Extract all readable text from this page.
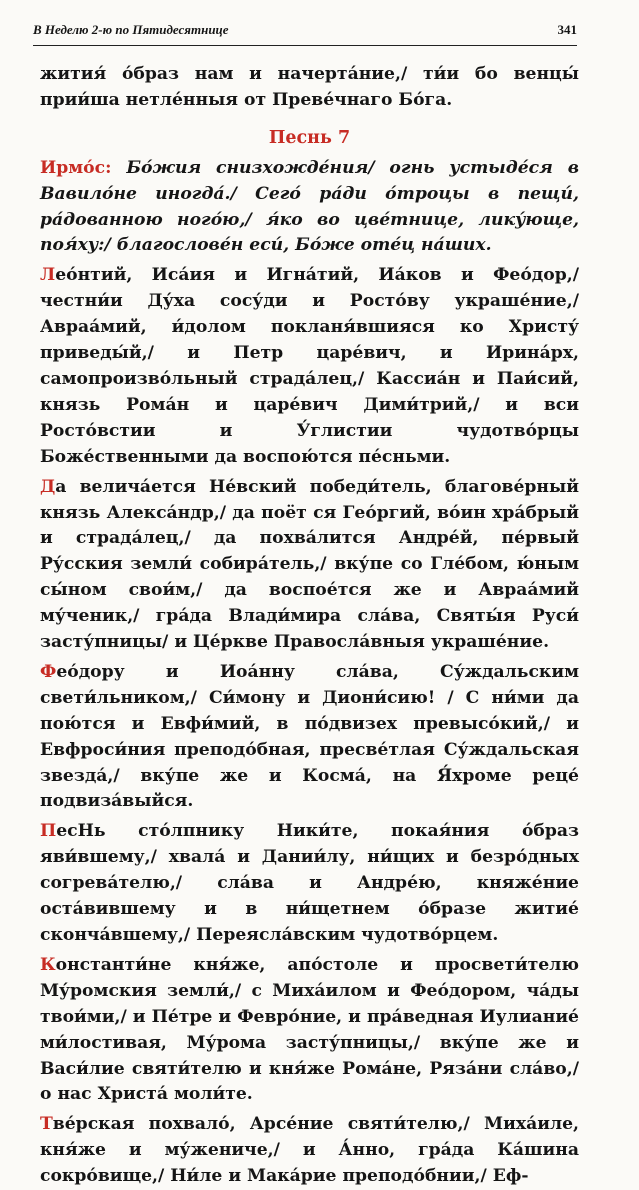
В Неделю 2-ю по Пятидесятнице	341

жития́ о́браз нам и начерта́ние,/ ти́и бо венцы́ прии́ша нетле́нныя от Преве́чнаго Бо́га.

Песнь 7

Ирмо́с: Бо́жия снизхожде́ния/ огнь устыде́ся в Вавило́не иногда́./ Сего́ ра́ди о́троцы в пещи́, ра́дованною ного́ю,/ я́ко во цве́тнице, лику́юще, поя́ху:/ благослове́н еси́, Бо́же оте́ц на́ших.

Лео́нтий, Иса́ия и Игна́тий, Иа́ков и Фео́дор,/ честни́и Ду́ха сосу́ди и Росто́ву украше́ние,/ Авраа́мий, и́долом покланя́вшияся ко Христу́ приведы́й,/ и Петр царе́вич, и Ирина́рх, самопроизво́льный страда́лец,/ Кассиа́н и Паи́сий, князь Рома́н и царе́вич Дими́трий,/ и вси Росто́встии и У́глистии чудотво́рцы Боже́ственными да воспою́тся пе́сньми.

Да велича́ется Не́вский победи́тель, благове́рный князь Алекса́ндр,/ да поёт ся Гео́ргий, во́ин хра́брый и страда́лец,/ да похва́лится Андре́й, пе́рвый Ру́сския земли́ собира́тель,/ вку́пе со Гле́бом, ю́ным сы́ном свои́м,/ да воспое́тся же и Авраа́мий му́ченик,/ гра́да Влади́мира сла́ва, Святы́я Руси́ засту́пницы/ и Це́ркве Правосла́вныя украше́ние.

Фео́дору и Иоа́нну сла́ва, Су́ждальским свети́льником,/ Си́мону и Диони́сию! / С ни́ми да пою́тся и Евфи́мий, в по́двизех превысо́кий,/ и Евфроси́ния преподо́бная, пресве́тлая Су́ждальская звезда́,/ вку́пе же и Косма́, на Я́хроме реце́ подвиза́выйся.

ПесНь сто́лпнику Ники́те, покая́ния о́браз яви́вшему,/ хвала́ и Дании́лу, ни́щих и безро́дных согрева́телю,/ сла́ва и Андре́ю, княже́ние оста́вившему и в ни́щетнем о́бразе житие́ сконча́вшему,/ Переясла́вским чудотво́рцем.

Константи́не кня́же, апо́столе и просвети́телю Му́ромския земли́,/ с Миха́илом и Фео́дором, ча́ды твои́ми,/ и Пе́тре и Февро́ние, и пра́ведная Иулиание́ ми́лостивая, Му́рома засту́пницы,/ вку́пе же и Васи́лие святи́телю и кня́же Рома́не, Ряза́ни сла́во,/ о нас Христа́ моли́те.

Тве́рская похвало́, Арсе́ние святи́телю,/ Миха́иле, кня́же и му́жениче,/ и А́нно, гра́да Ка́шина сокро́вище,/ Ни́ле и Мака́рие преподо́бнии,/ Еф-
